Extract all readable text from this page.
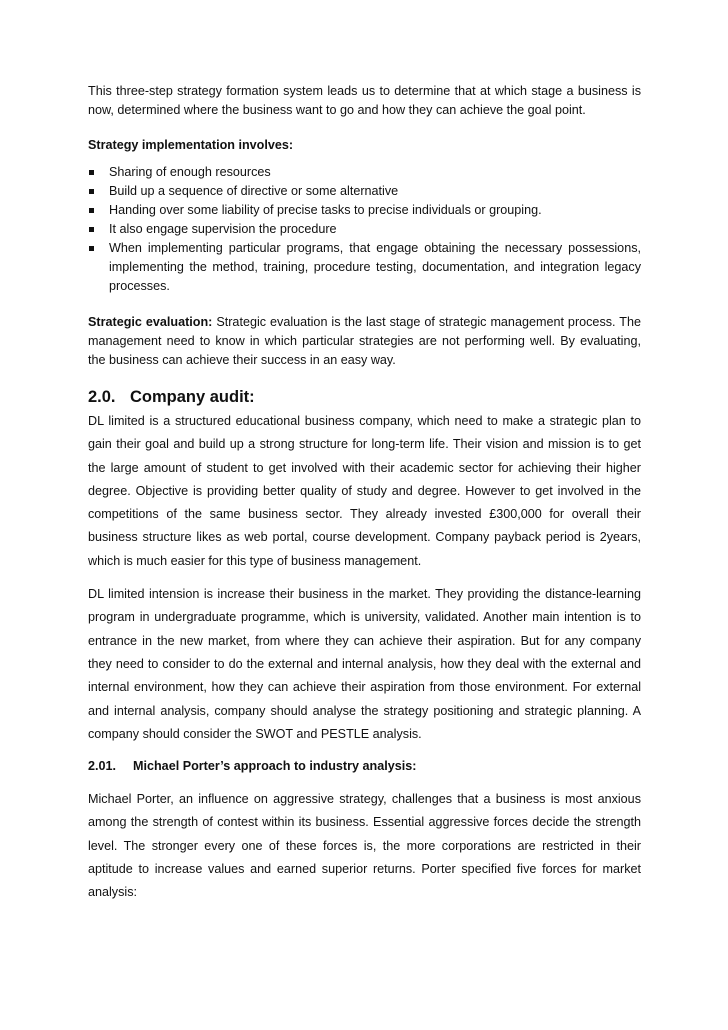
This three-step strategy formation system leads us to determine that at which stage a business is now, determined where the business want to go and how they can achieve the goal point.

Strategy implementation involves:

Sharing of enough resources
Build up a sequence of directive or some alternative
Handing over some liability of precise tasks to precise individuals or grouping.
It also engage supervision the procedure
When implementing particular programs, that engage obtaining the necessary possessions, implementing the method, training, procedure testing, documentation, and integration legacy processes.

Strategic evaluation: Strategic evaluation is the last stage of strategic management process. The management need to know in which particular strategies are not performing well. By evaluating, the business can achieve their success in an easy way.

2.0. Company audit:

DL limited is a structured educational business company, which need to make a strategic plan to gain their goal and build up a strong structure for long-term life. Their vision and mission is to get the large amount of student to get involved with their academic sector for achieving their higher degree. Objective is providing better quality of study and degree. However to get involved in the competitions of the same business sector. They already invested £300,000 for overall their business structure likes as web portal, course development. Company payback period is 2years, which is much easier for this type of business management.

DL limited intension is increase their business in the market. They providing the distance-learning program in undergraduate programme, which is university, validated. Another main intention is to entrance in the new market, from where they can achieve their aspiration. But for any company they need to consider to do the external and internal analysis, how they deal with the external and internal environment, how they can achieve their aspiration from those environment. For external and internal analysis, company should analyse the strategy positioning and strategic planning. A company should consider the SWOT and PESTLE analysis.

2.01. Michael Porter’s approach to industry analysis:

Michael Porter, an influence on aggressive strategy, challenges that a business is most anxious among the strength of contest within its business. Essential aggressive forces decide the strength level. The stronger every one of these forces is, the more corporations are restricted in their aptitude to increase values and earned superior returns. Porter specified five forces for market analysis:
